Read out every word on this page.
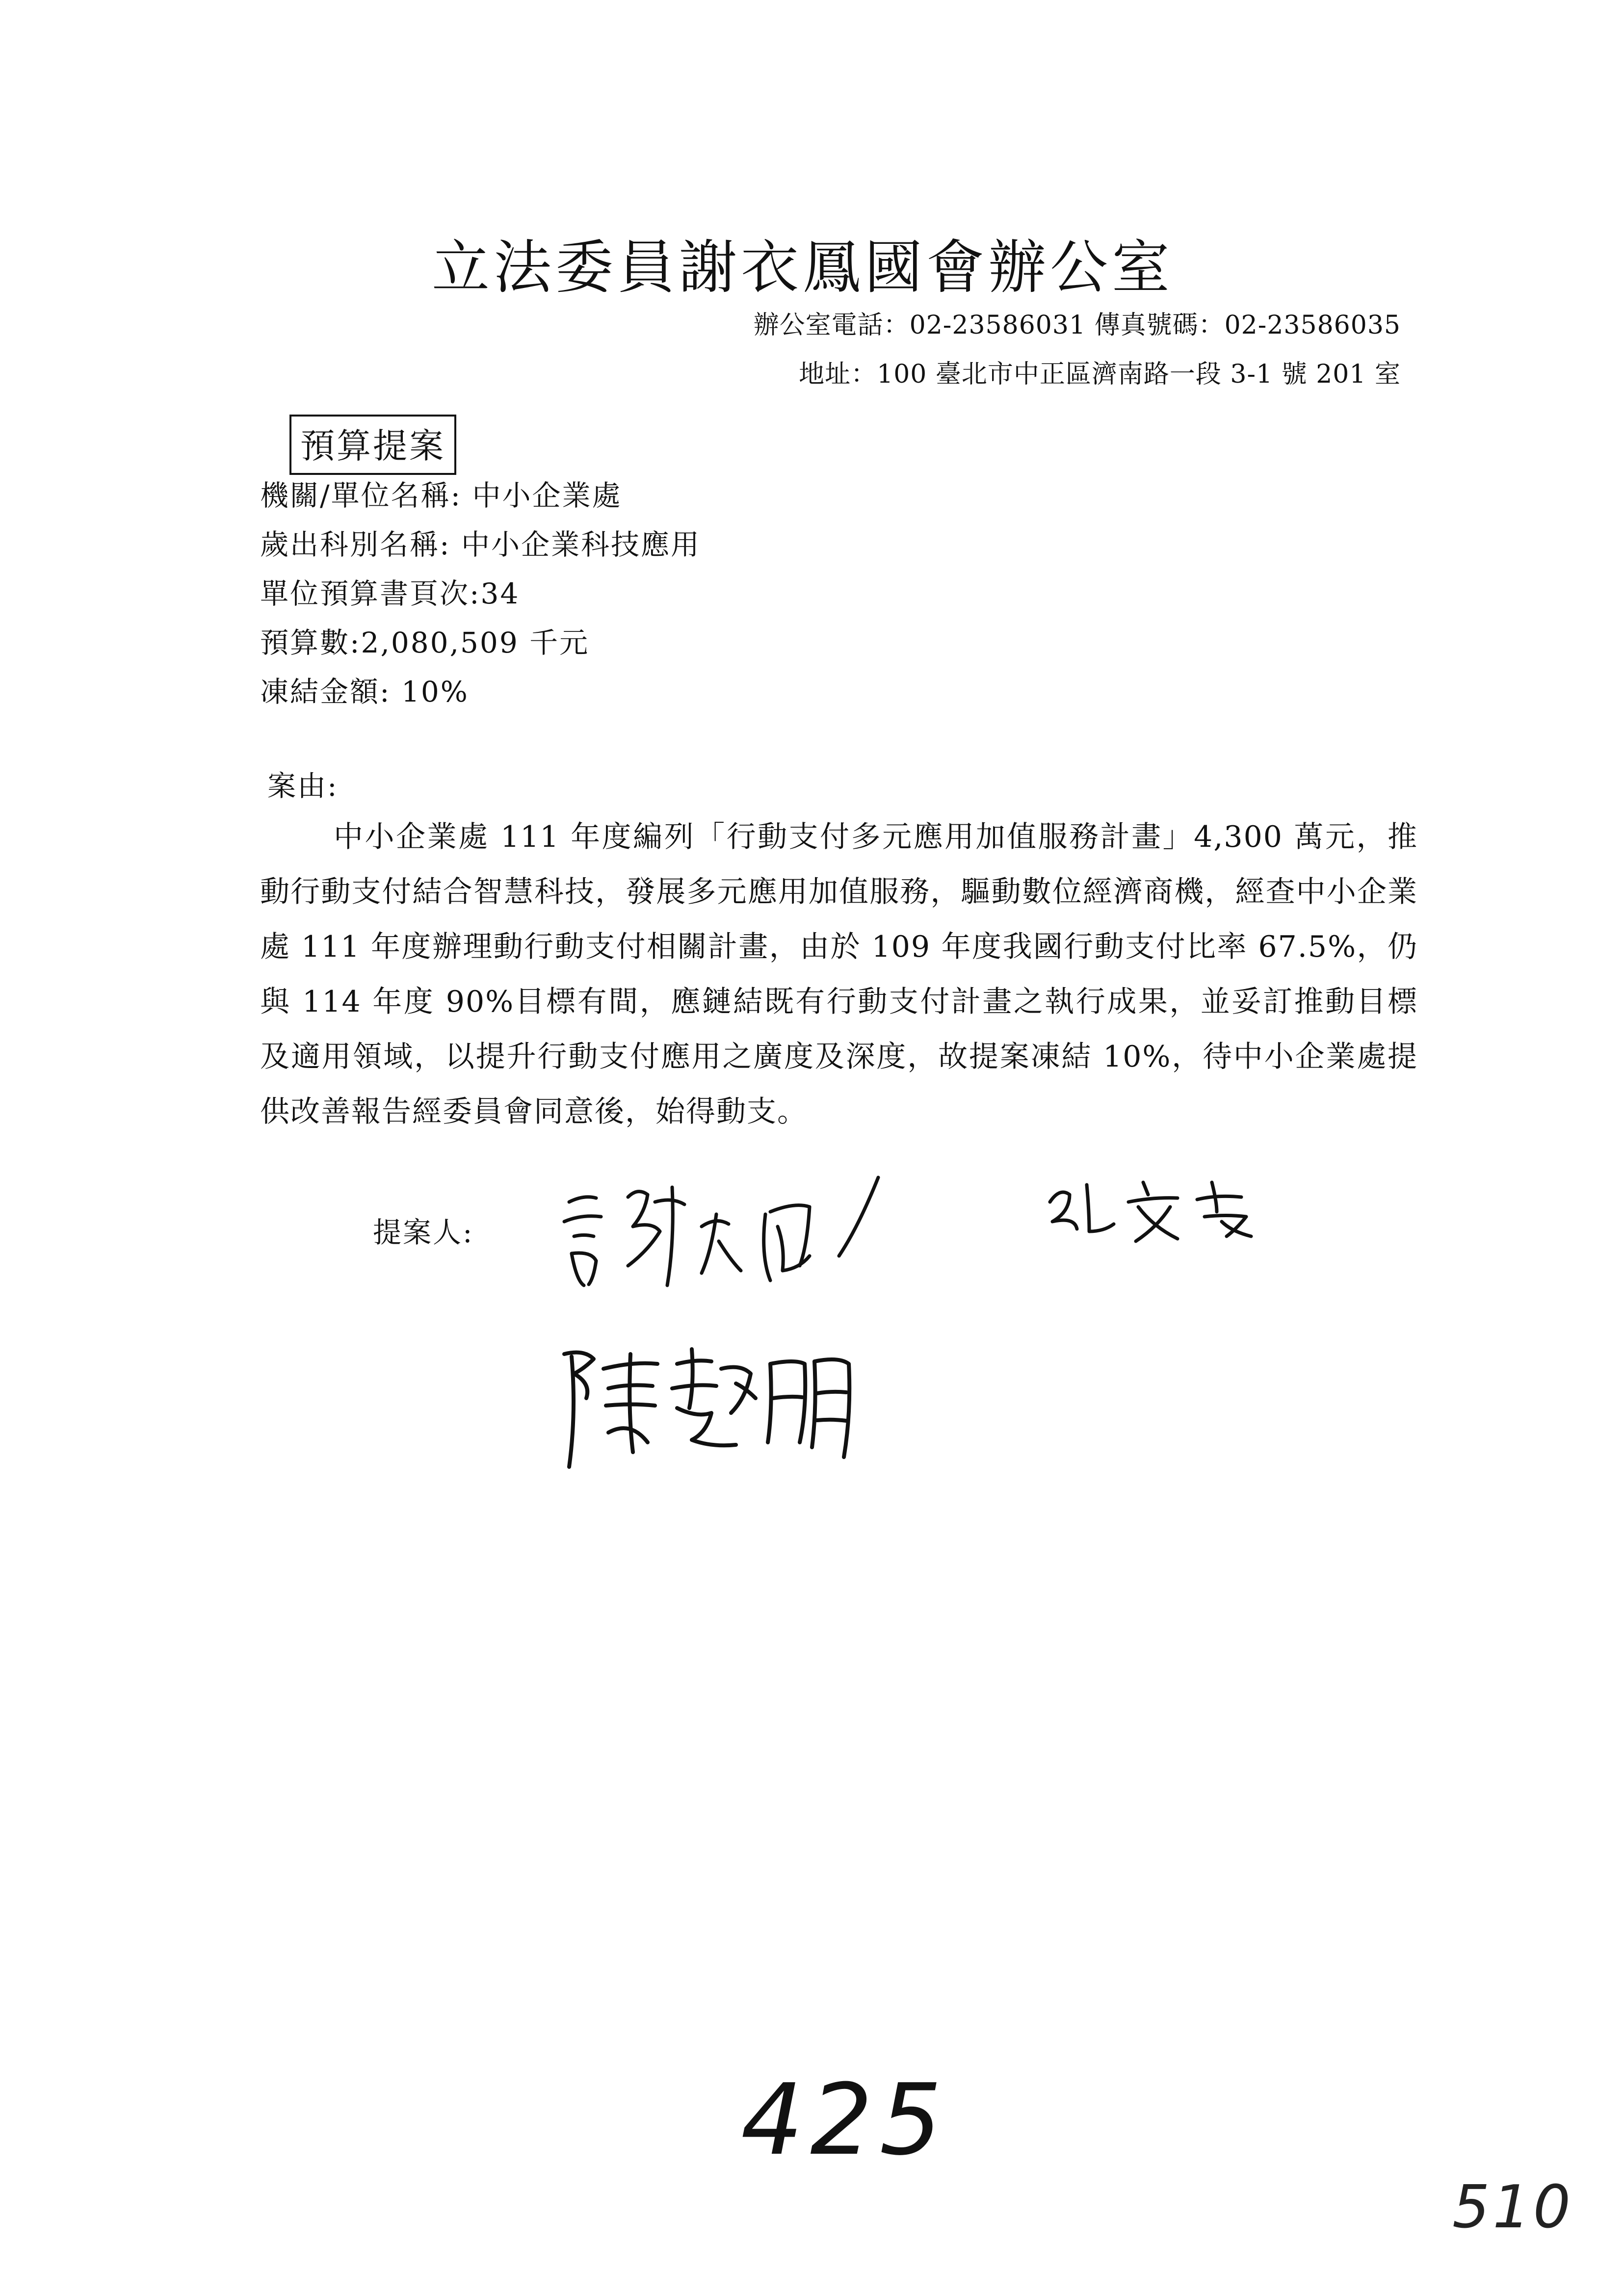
立法委員謝衣鳳國會辦公室
辦公室電話：02-23586031 傳真號碼：02-23586035
地址：100 臺北市中正區濟南路一段 3-1 號 201 室
預算提案
機關/單位名稱: 中小企業處
歲出科別名稱: 中小企業科技應用
單位預算書頁次:34
預算數:2,080,509 千元
凍結金額: 10%
案由:
中小企業處 111 年度編列「行動支付多元應用加值服務計畫」4,300 萬元，推動行動支付結合智慧科技，發展多元應用加值服務，驅動數位經濟商機，經查中小企業處 111 年度辦理動行動支付相關計畫，由於 109 年度我國行動支付比率 67.5%，仍與 114 年度 90%目標有間，應鏈結既有行動支付計畫之執行成果，並妥訂推動目標及適用領域，以提升行動支付應用之廣度及深度，故提案凍結 10%，待中小企業處提供改善報告經委員會同意後，始得動支。
提案人:
425
510
